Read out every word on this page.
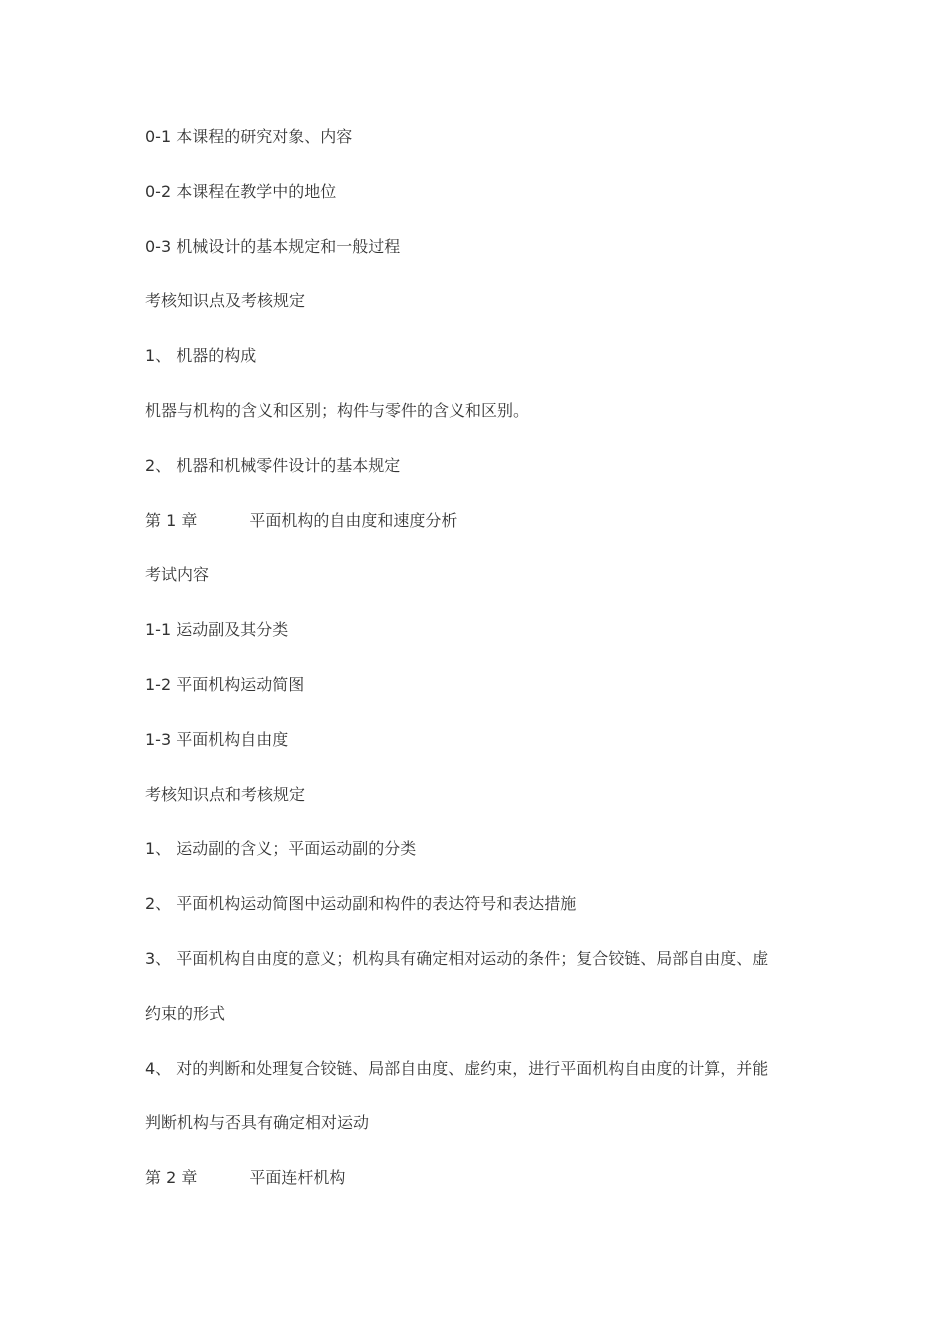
0-1 本课程的研究对象、内容

0-2 本课程在教学中的地位

0-3 机械设计的基本规定和一般过程

考核知识点及考核规定

1、 机器的构成

机器与机构的含义和区别；构件与零件的含义和区别。

2、 机器和机械零件设计的基本规定

第 1 章	平面机构的自由度和速度分析

考试内容

1-1 运动副及其分类

1-2 平面机构运动简图

1-3 平面机构自由度

考核知识点和考核规定

1、 运动副的含义；平面运动副的分类

2、 平面机构运动简图中运动副和构件的表达符号和表达措施

3、 平面机构自由度的意义；机构具有确定相对运动的条件；复合铰链、局部自由度、虚

约束的形式

4、 对的判断和处理复合铰链、局部自由度、虚约束，进行平面机构自由度的计算，并能

判断机构与否具有确定相对运动

第 2 章	平面连杆机构
